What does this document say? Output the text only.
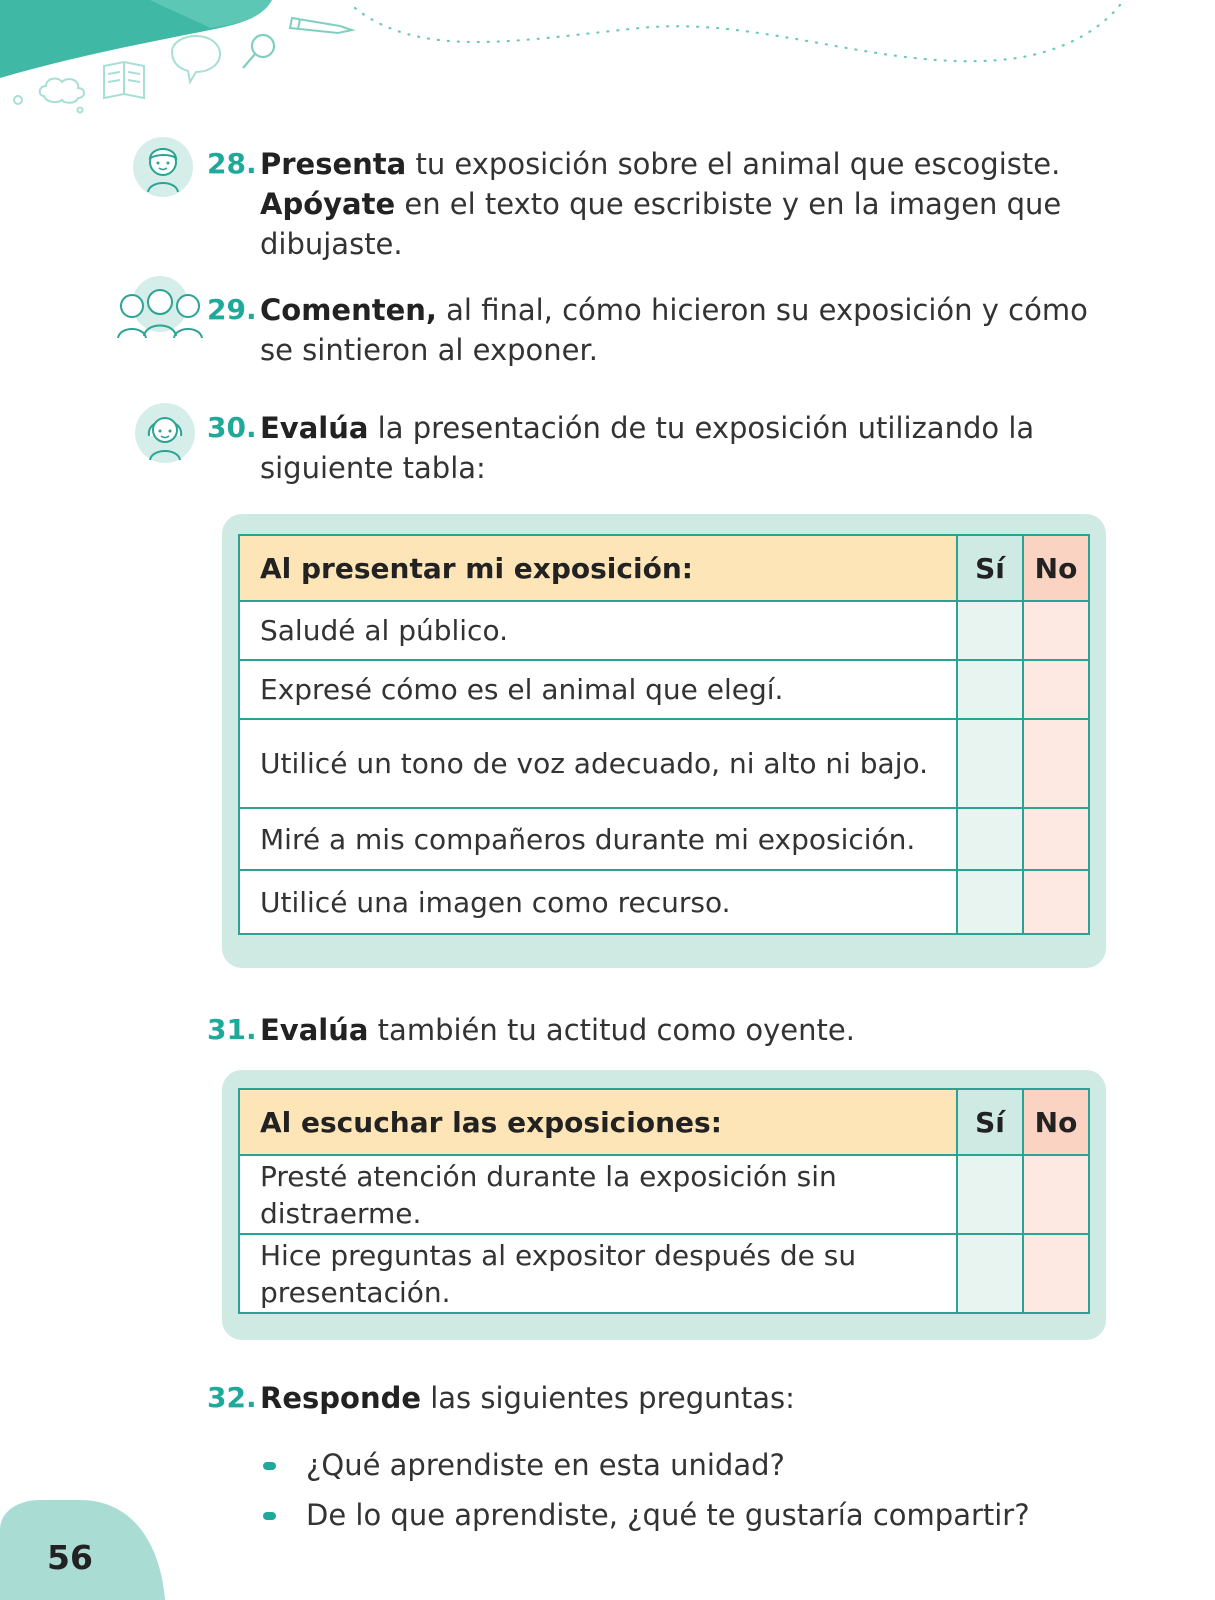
28. Presenta tu exposición sobre el animal que escogiste.
Apóyate en el texto que escribiste y en la imagen que dibujaste.
29. Comenten, al final, cómo hicieron su exposición y cómo se sintieron al exponer.
30. Evalúa la presentación de tu exposición utilizando la siguiente tabla:
Al presentar mi exposición:	Sí	No
Saludé al público.		
Expresé cómo es el animal que elegí.		
Utilicé un tono de voz adecuado, ni alto ni bajo.		
Miré a mis compañeros durante mi exposición.		
Utilicé una imagen como recurso.		
31. Evalúa también tu actitud como oyente.
Al escuchar las exposiciones:	Sí	No
Presté atención durante la exposición sin distraerme.		
Hice preguntas al expositor después de su presentación.		
32. Responde las siguientes preguntas:
¿Qué aprendiste en esta unidad?
De lo que aprendiste, ¿qué te gustaría compartir?
56
